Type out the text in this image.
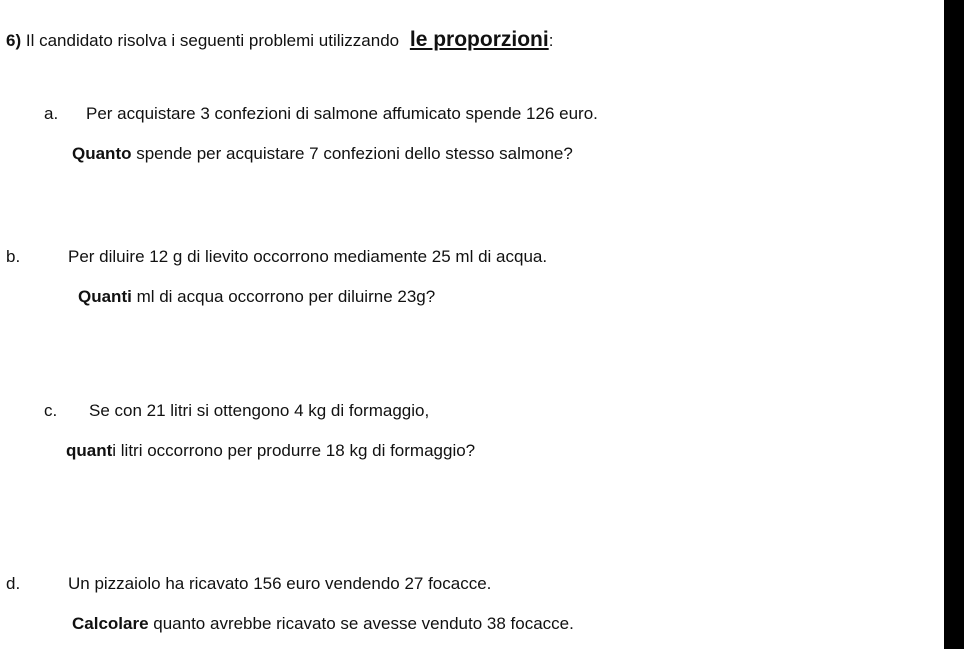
6) Il candidato risolva i seguenti problemi utilizzando le proporzioni:
a. Per acquistare 3 confezioni di salmone affumicato spende 126 euro.
Quanto spende per acquistare 7 confezioni dello stesso salmone?
b.	Per diluire 12 g di lievito occorrono mediamente 25 ml di acqua.
Quanti ml di acqua occorrono per diluirne 23g?
c. Se con 21 litri si ottengono 4 kg di formaggio,
quanti litri occorrono per produrre 18 kg di formaggio?
d.	Un pizzaiolo ha ricavato 156 euro vendendo 27 focacce.
Calcolare quanto avrebbe ricavato se avesse venduto 38 focacce.
